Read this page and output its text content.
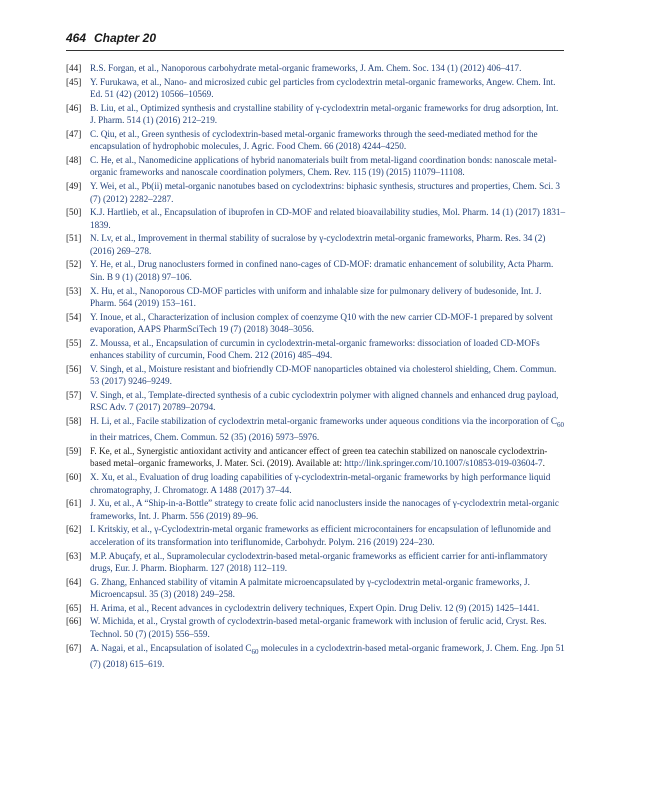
464 Chapter 20
[44] R.S. Forgan, et al., Nanoporous carbohydrate metal-organic frameworks, J. Am. Chem. Soc. 134 (1) (2012) 406–417.
[45] Y. Furukawa, et al., Nano- and microsized cubic gel particles from cyclodextrin metal-organic frameworks, Angew. Chem. Int. Ed. 51 (42) (2012) 10566–10569.
[46] B. Liu, et al., Optimized synthesis and crystalline stability of γ-cyclodextrin metal-organic frameworks for drug adsorption, Int. J. Pharm. 514 (1) (2016) 212–219.
[47] C. Qiu, et al., Green synthesis of cyclodextrin-based metal-organic frameworks through the seed-mediated method for the encapsulation of hydrophobic molecules, J. Agric. Food Chem. 66 (2018) 4244–4250.
[48] C. He, et al., Nanomedicine applications of hybrid nanomaterials built from metal-ligand coordination bonds: nanoscale metal-organic frameworks and nanoscale coordination polymers, Chem. Rev. 115 (19) (2015) 11079–11108.
[49] Y. Wei, et al., Pb(ii) metal-organic nanotubes based on cyclodextrins: biphasic synthesis, structures and properties, Chem. Sci. 3 (7) (2012) 2282–2287.
[50] K.J. Hartlieb, et al., Encapsulation of ibuprofen in CD-MOF and related bioavailability studies, Mol. Pharm. 14 (1) (2017) 1831–1839.
[51] N. Lv, et al., Improvement in thermal stability of sucralose by γ-cyclodextrin metal-organic frameworks, Pharm. Res. 34 (2) (2016) 269–278.
[52] Y. He, et al., Drug nanoclusters formed in confined nano-cages of CD-MOF: dramatic enhancement of solubility, Acta Pharm. Sin. B 9 (1) (2018) 97–106.
[53] X. Hu, et al., Nanoporous CD-MOF particles with uniform and inhalable size for pulmonary delivery of budesonide, Int. J. Pharm. 564 (2019) 153–161.
[54] Y. Inoue, et al., Characterization of inclusion complex of coenzyme Q10 with the new carrier CD-MOF-1 prepared by solvent evaporation, AAPS PharmSciTech 19 (7) (2018) 3048–3056.
[55] Z. Moussa, et al., Encapsulation of curcumin in cyclodextrin-metal-organic frameworks: dissociation of loaded CD-MOFs enhances stability of curcumin, Food Chem. 212 (2016) 485–494.
[56] V. Singh, et al., Moisture resistant and biofriendly CD-MOF nanoparticles obtained via cholesterol shielding, Chem. Commun. 53 (2017) 9246–9249.
[57] V. Singh, et al., Template-directed synthesis of a cubic cyclodextrin polymer with aligned channels and enhanced drug payload, RSC Adv. 7 (2017) 20789–20794.
[58] H. Li, et al., Facile stabilization of cyclodextrin metal-organic frameworks under aqueous conditions via the incorporation of $C_{60}$ in their matrices, Chem. Commun. 52 (35) (2016) 5973–5976.
[59] F. Ke, et al., Synergistic antioxidant activity and anticancer effect of green tea catechin stabilized on nanoscale cyclodextrin-based metal–organic frameworks, J. Mater. Sci. (2019). Available at: http://link.springer.com/10.1007/s10853-019-03604-7.
[60] X. Xu, et al., Evaluation of drug loading capabilities of γ-cyclodextrin-metal-organic frameworks by high performance liquid chromatography, J. Chromatogr. A 1488 (2017) 37–44.
[61] J. Xu, et al., A “Ship-in-a-Bottle” strategy to create folic acid nanoclusters inside the nanocages of γ-cyclodextrin metal-organic frameworks, Int. J. Pharm. 556 (2019) 89–96.
[62] I. Kritskiy, et al., γ-Cyclodextrin-metal organic frameworks as efficient microcontainers for encapsulation of leflunomide and acceleration of its transformation into teriflunomide, Carbohydr. Polym. 216 (2019) 224–230.
[63] M.P. Abuçafy, et al., Supramolecular cyclodextrin-based metal-organic frameworks as efficient carrier for anti-inflammatory drugs, Eur. J. Pharm. Biopharm. 127 (2018) 112–119.
[64] G. Zhang, Enhanced stability of vitamin A palmitate microencapsulated by γ-cyclodextrin metal-organic frameworks, J. Microencapsul. 35 (3) (2018) 249–258.
[65] H. Arima, et al., Recent advances in cyclodextrin delivery techniques, Expert Opin. Drug Deliv. 12 (9) (2015) 1425–1441.
[66] W. Michida, et al., Crystal growth of cyclodextrin-based metal-organic framework with inclusion of ferulic acid, Cryst. Res. Technol. 50 (7) (2015) 556–559.
[67] A. Nagai, et al., Encapsulation of isolated $C_{60}$ molecules in a cyclodextrin-based metal-organic framework, J. Chem. Eng. Jpn 51 (7) (2018) 615–619.
